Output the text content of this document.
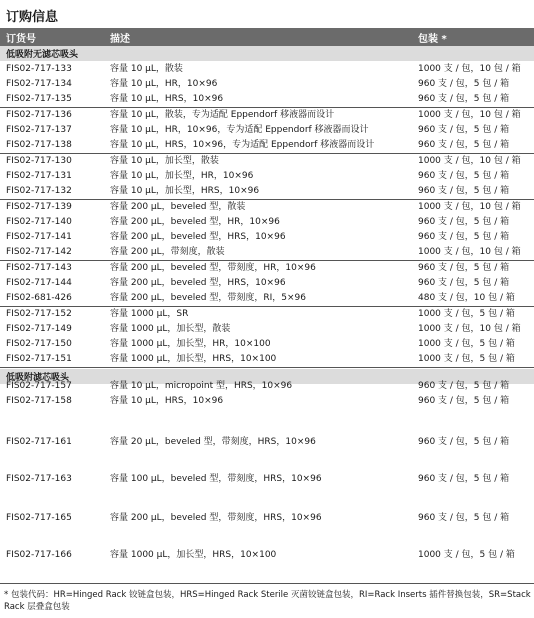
订购信息
订货号	描述	包装 *
低吸附无滤芯吸头
FIS02-717-133	容量 10 µL，散装	1000 支 / 包，10 包 / 箱
FIS02-717-134	容量 10 µL，HR，10×96	960 支 / 包，5 包 / 箱
FIS02-717-135	容量 10 µL，HRS，10×96	960 支 / 包，5 包 / 箱
FIS02-717-136	容量 10 µL，散装，专为适配 Eppendorf 移液器而设计	1000 支 / 包，10 包 / 箱
FIS02-717-137	容量 10 µL，HR，10×96，专为适配 Eppendorf 移液器而设计	960 支 / 包，5 包 / 箱
FIS02-717-138	容量 10 µL，HRS，10×96，专为适配 Eppendorf 移液器而设计	960 支 / 包，5 包 / 箱
FIS02-717-130	容量 10 µL，加长型，散装	1000 支 / 包，10 包 / 箱
FIS02-717-131	容量 10 µL，加长型，HR，10×96	960 支 / 包，5 包 / 箱
FIS02-717-132	容量 10 µL，加长型，HRS，10×96	960 支 / 包，5 包 / 箱
FIS02-717-139	容量 200 µL，beveled 型，散装	1000 支 / 包，10 包 / 箱
FIS02-717-140	容量 200 µL，beveled 型，HR，10×96	960 支 / 包，5 包 / 箱
FIS02-717-141	容量 200 µL，beveled 型，HRS，10×96	960 支 / 包，5 包 / 箱
FIS02-717-142	容量 200 µL，带刻度，散装	1000 支 / 包，10 包 / 箱
FIS02-717-143	容量 200 µL，beveled 型，带刻度，HR，10×96	960 支 / 包，5 包 / 箱
FIS02-717-144	容量 200 µL，beveled 型，HRS，10×96	960 支 / 包，5 包 / 箱
FIS02-681-426	容量 200 µL，beveled 型，带刻度，RI，5×96	480 支 / 包，10 包 / 箱
FIS02-717-152	容量 1000 µL，SR	1000 支 / 包，5 包 / 箱
FIS02-717-149	容量 1000 µL，加长型，散装	1000 支 / 包，10 包 / 箱
FIS02-717-150	容量 1000 µL，加长型，HR，10×100	1000 支 / 包，5 包 / 箱
FIS02-717-151	容量 1000 µL，加长型，HRS，10×100	1000 支 / 包，5 包 / 箱
低吸附滤芯吸头
FIS02-717-157	容量 10 µL，micropoint 型，HRS，10×96	960 支 / 包，5 包 / 箱
FIS02-717-158	容量 10 µL，HRS，10×96	960 支 / 包，5 包 / 箱
FIS02-717-161	容量 20 µL，beveled 型，带刻度，HRS，10×96	960 支 / 包，5 包 / 箱
FIS02-717-163	容量 100 µL，beveled 型，带刻度，HRS，10×96	960 支 / 包，5 包 / 箱
FIS02-717-165	容量 200 µL，beveled 型，带刻度，HRS，10×96	960 支 / 包，5 包 / 箱
FIS02-717-166	容量 1000 µL，加长型，HRS，10×100	1000 支 / 包，5 包 / 箱
* 包装代码：HR=Hinged Rack 铰链盒包装，HRS=Hinged Rack Sterile 灭菌铰链盒包装，RI=Rack Inserts 插件替换包装，SR=Stack Rack 层叠盒包装
